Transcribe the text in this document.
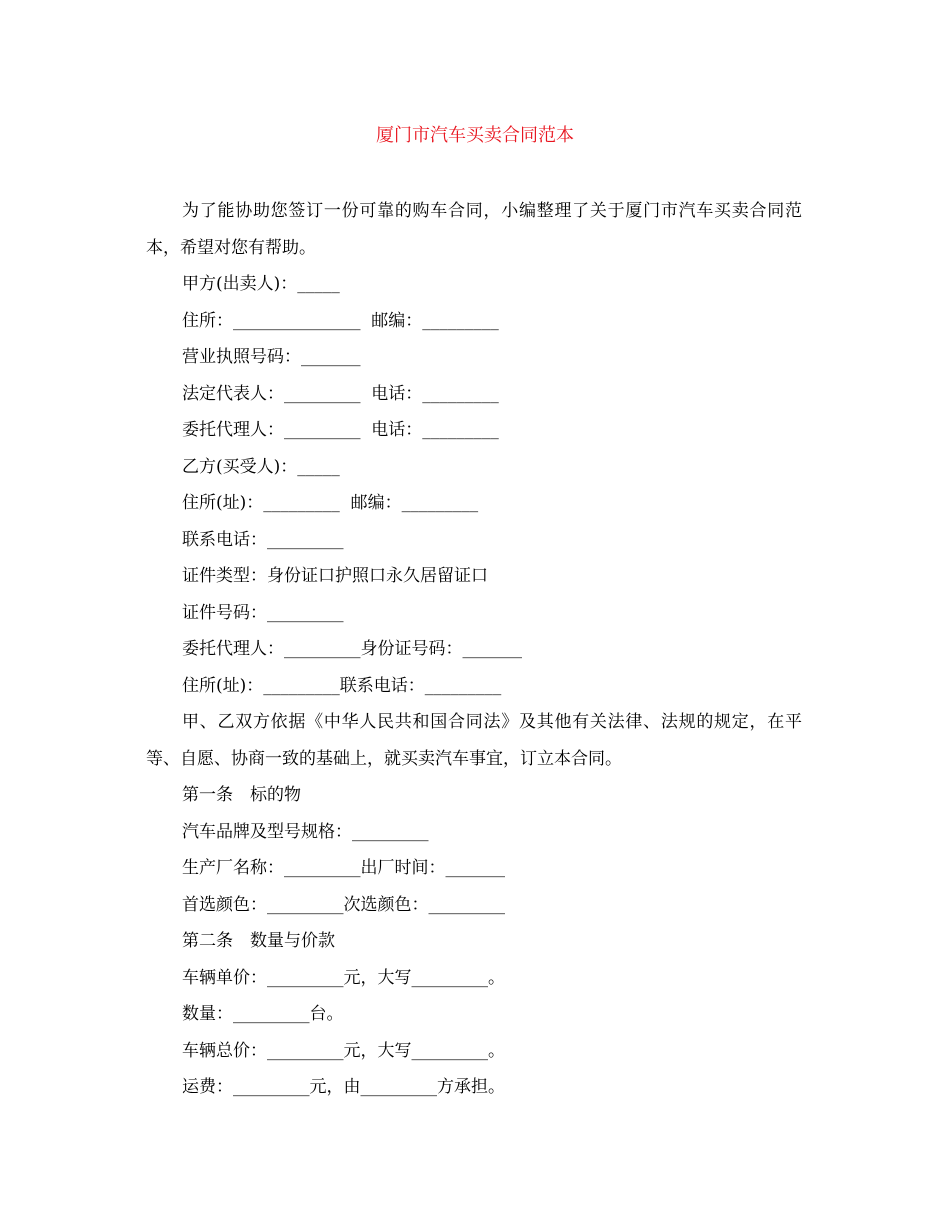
厦门市汽车买卖合同范本

为了能协助您签订一份可靠的购车合同，小编整理了关于厦门市汽车买卖合同范本，希望对您有帮助。

甲方(出卖人)：_____

住所：_______________  邮编：_________

营业执照号码：_______

法定代表人：_________  电话：_________

委托代理人：_________  电话：_________

乙方(买受人)：_____

住所(址)：_________  邮编：_________

联系电话：_________

证件类型：身份证口护照口永久居留证口

证件号码：_________

委托代理人：_________身份证号码：_______

住所(址)：_________联系电话：_________

甲、乙双方依据《中华人民共和国合同法》及其他有关法律、法规的规定，在平等、自愿、协商一致的基础上，就买卖汽车事宜，订立本合同。

第一条　标的物

汽车品牌及型号规格：_________

生产厂名称：_________出厂时间：_______

首选颜色：_________次选颜色：_________

第二条　数量与价款

车辆单价：_________元，大写_________。

数量：_________台。

车辆总价：_________元，大写_________。

运费：_________元，由_________方承担。
